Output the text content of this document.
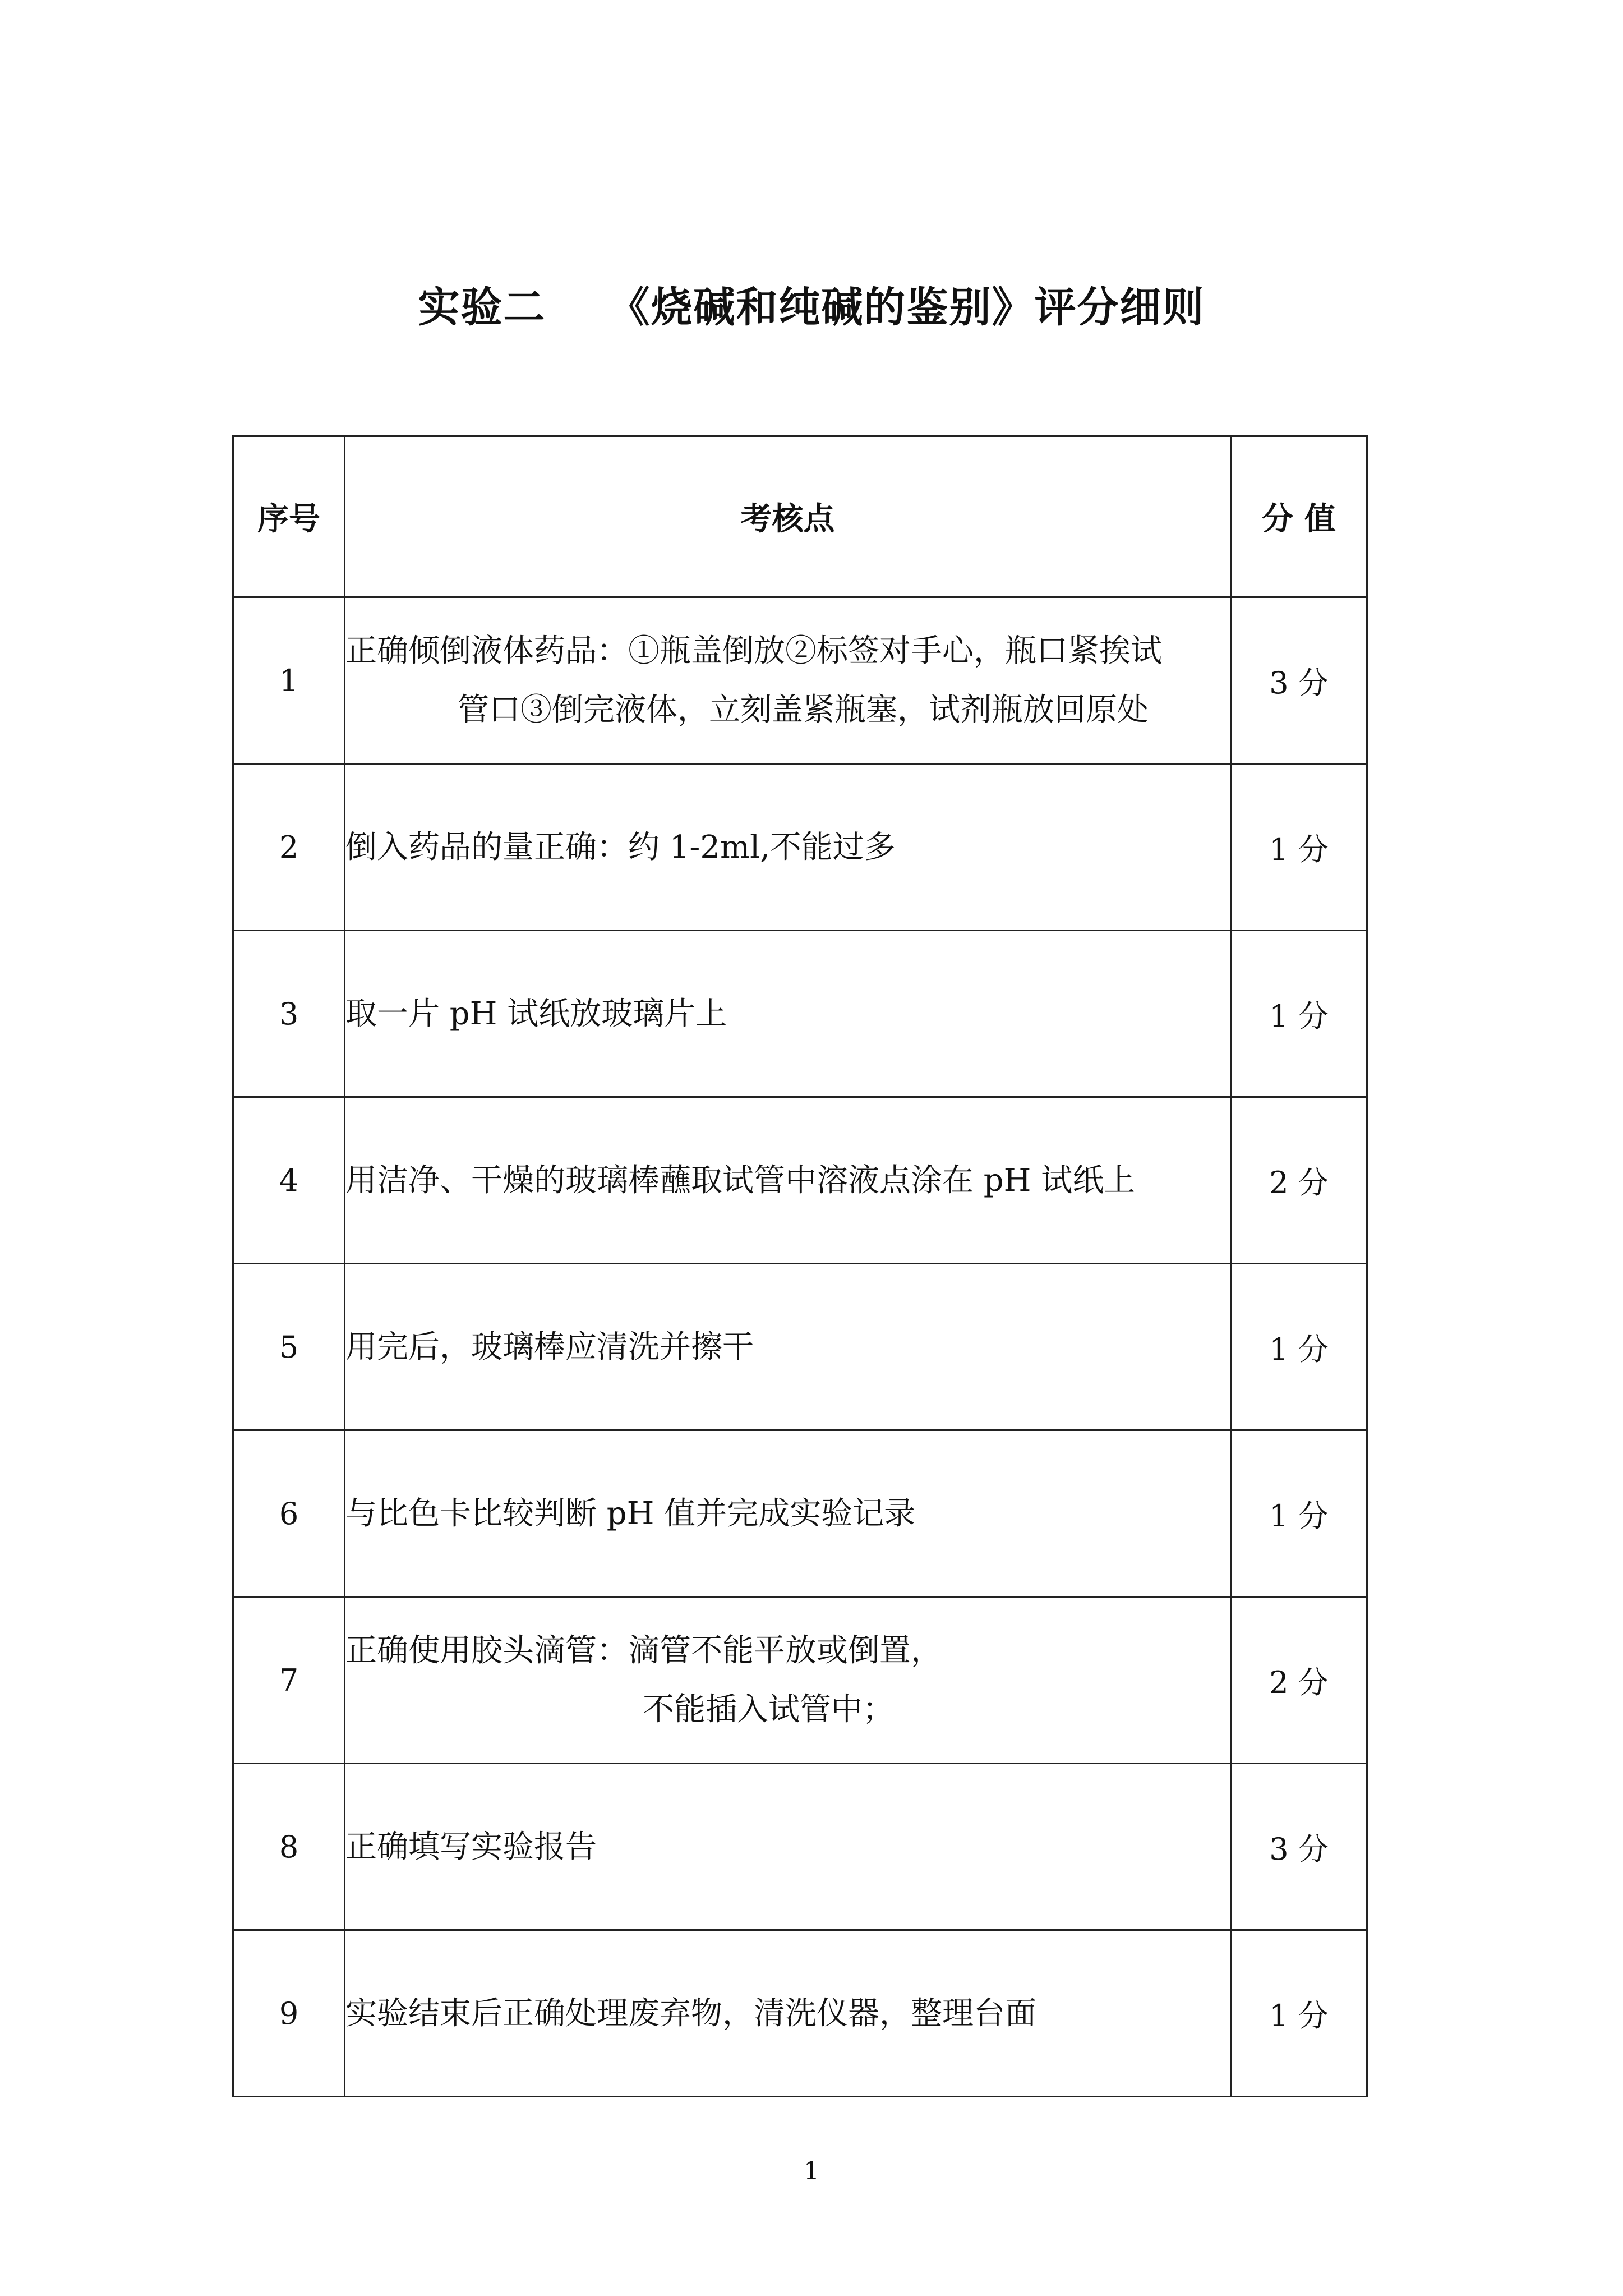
实验二    《烧碱和纯碱的鉴别》评分细则
序号	考核点	分 值
1	正确倾倒液体药品：①瓶盖倒放②标签对手心，瓶口紧挨试
管口③倒完液体，立刻盖紧瓶塞，试剂瓶放回原处	3 分
2	倒入药品的量正确：约 1-2ml,不能过多	1 分
3	取一片 pH 试纸放玻璃片上	1 分
4	用洁净、干燥的玻璃棒蘸取试管中溶液点涂在 pH 试纸上	2 分
5	用完后，玻璃棒应清洗并擦干	1 分
6	与比色卡比较判断 pH 值并完成实验记录	1 分
7	正确使用胶头滴管：滴管不能平放或倒置，
不能插入试管中；	2 分
8	正确填写实验报告	3 分
9	实验结束后正确处理废弃物，清洗仪器，整理台面	1 分
1
